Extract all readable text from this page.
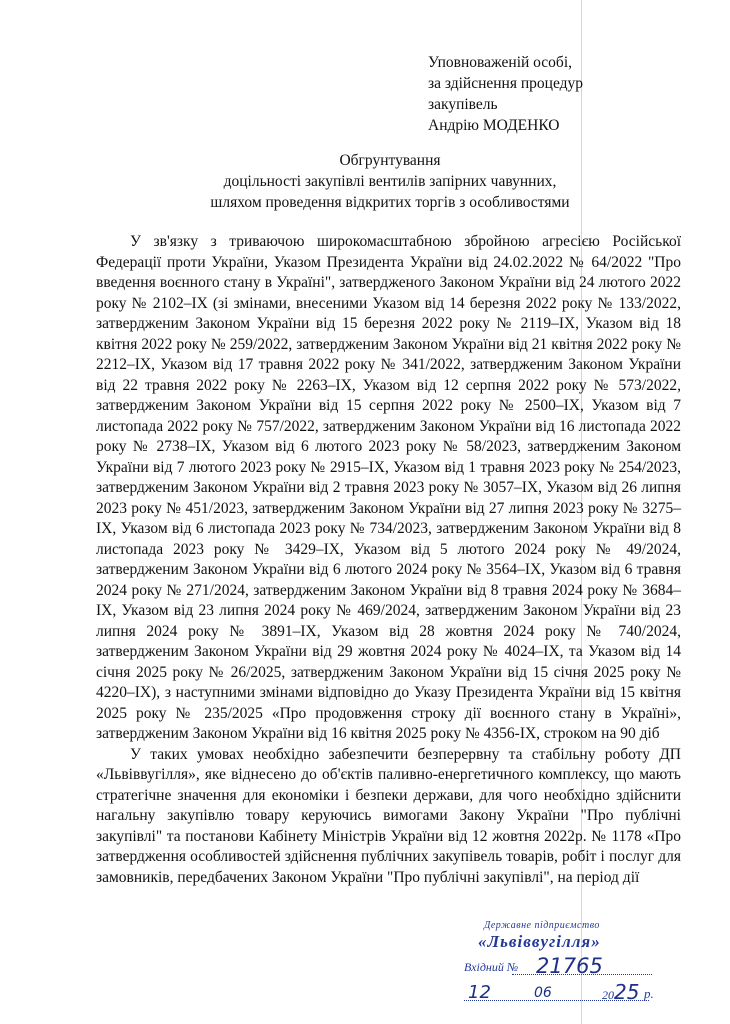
Уповноваженій особі,
за здійснення процедур
закупівель
Андрію МОДЕНКО
Обгрунтування
доцільності закупівлі вентилів запірних чавунних,
шляхом проведення відкритих торгів з особливостями

У зв'язку з триваючою широкомасштабною збройною агресією Російської Федерації проти України, Указом Президента України від 24.02.2022 № 64/2022 "Про введення воєнного стану в Україні", затвердженого Законом України від 24 лютого 2022 року № 2102–IX (зі змінами, внесеними Указом від 14 березня 2022 року № 133/2022, затвердженим Законом України від 15 березня 2022 року № 2119–IX, Указом від 18 квітня 2022 року № 259/2022, затвердженим Законом України від 21 квітня 2022 року № 2212–IX, Указом від 17 травня 2022 року № 341/2022, затвердженим Законом України від 22 травня 2022 року № 2263–IX, Указом від 12 серпня 2022 року № 573/2022, затвердженим Законом України від 15 серпня 2022 року № 2500–IX, Указом від 7 листопада 2022 року № 757/2022, затвердженим Законом України від 16 листопада 2022 року № 2738–IX, Указом від 6 лютого 2023 року № 58/2023, затвердженим Законом України від 7 лютого 2023 року № 2915–IX, Указом від 1 травня 2023 року № 254/2023, затвердженим Законом України від 2 травня 2023 року № 3057–IX, Указом від 26 липня 2023 року № 451/2023, затвердженим Законом України від 27 липня 2023 року № 3275–IX, Указом від 6 листопада 2023 року № 734/2023, затвердженим Законом України від 8 листопада 2023 року № 3429–IX, Указом від 5 лютого 2024 року № 49/2024, затвердженим Законом України від 6 лютого 2024 року № 3564–IX, Указом від 6 травня 2024 року № 271/2024, затвердженим Законом України від 8 травня 2024 року № 3684–IX, Указом від 23 липня 2024 року № 469/2024, затвердженим Законом України від 23 липня 2024 року № 3891–IX, Указом від 28 жовтня 2024 року № 740/2024, затвердженим Законом України від 29 жовтня 2024 року № 4024–IX, та Указом від 14 січня 2025 року № 26/2025, затвердженим Законом України від 15 січня 2025 року № 4220–IX), з наступними змінами відповідно до Указу Президента України від 15 квітня 2025 року № 235/2025 «Про продовження строку дії воєнного стану в Україні», затвердженим Законом України від 16 квітня 2025 року № 4356-IX, строком на 90 діб

У таких умовах необхідно забезпечити безперервну та стабільну роботу ДП «Львіввугілля», яке віднесено до об'єктів паливно-енергетичного комплексу, що мають стратегічне значення для економіки і безпеки держави, для чого необхідно здійснити нагальну закупівлю товару керуючись вимогами Закону України "Про публічні закупівлі" та постанови Кабінету Міністрів України від 12 жовтня 2022р. № 1178 «Про затвердження особливостей здійснення публічних закупівель товарів, робіт і послуг для замовників, передбачених Законом України "Про публічні закупівлі", на період дії

Державне підприємство
«Львіввугілля»
Вхідний № 21765
12	06	2025 р.
